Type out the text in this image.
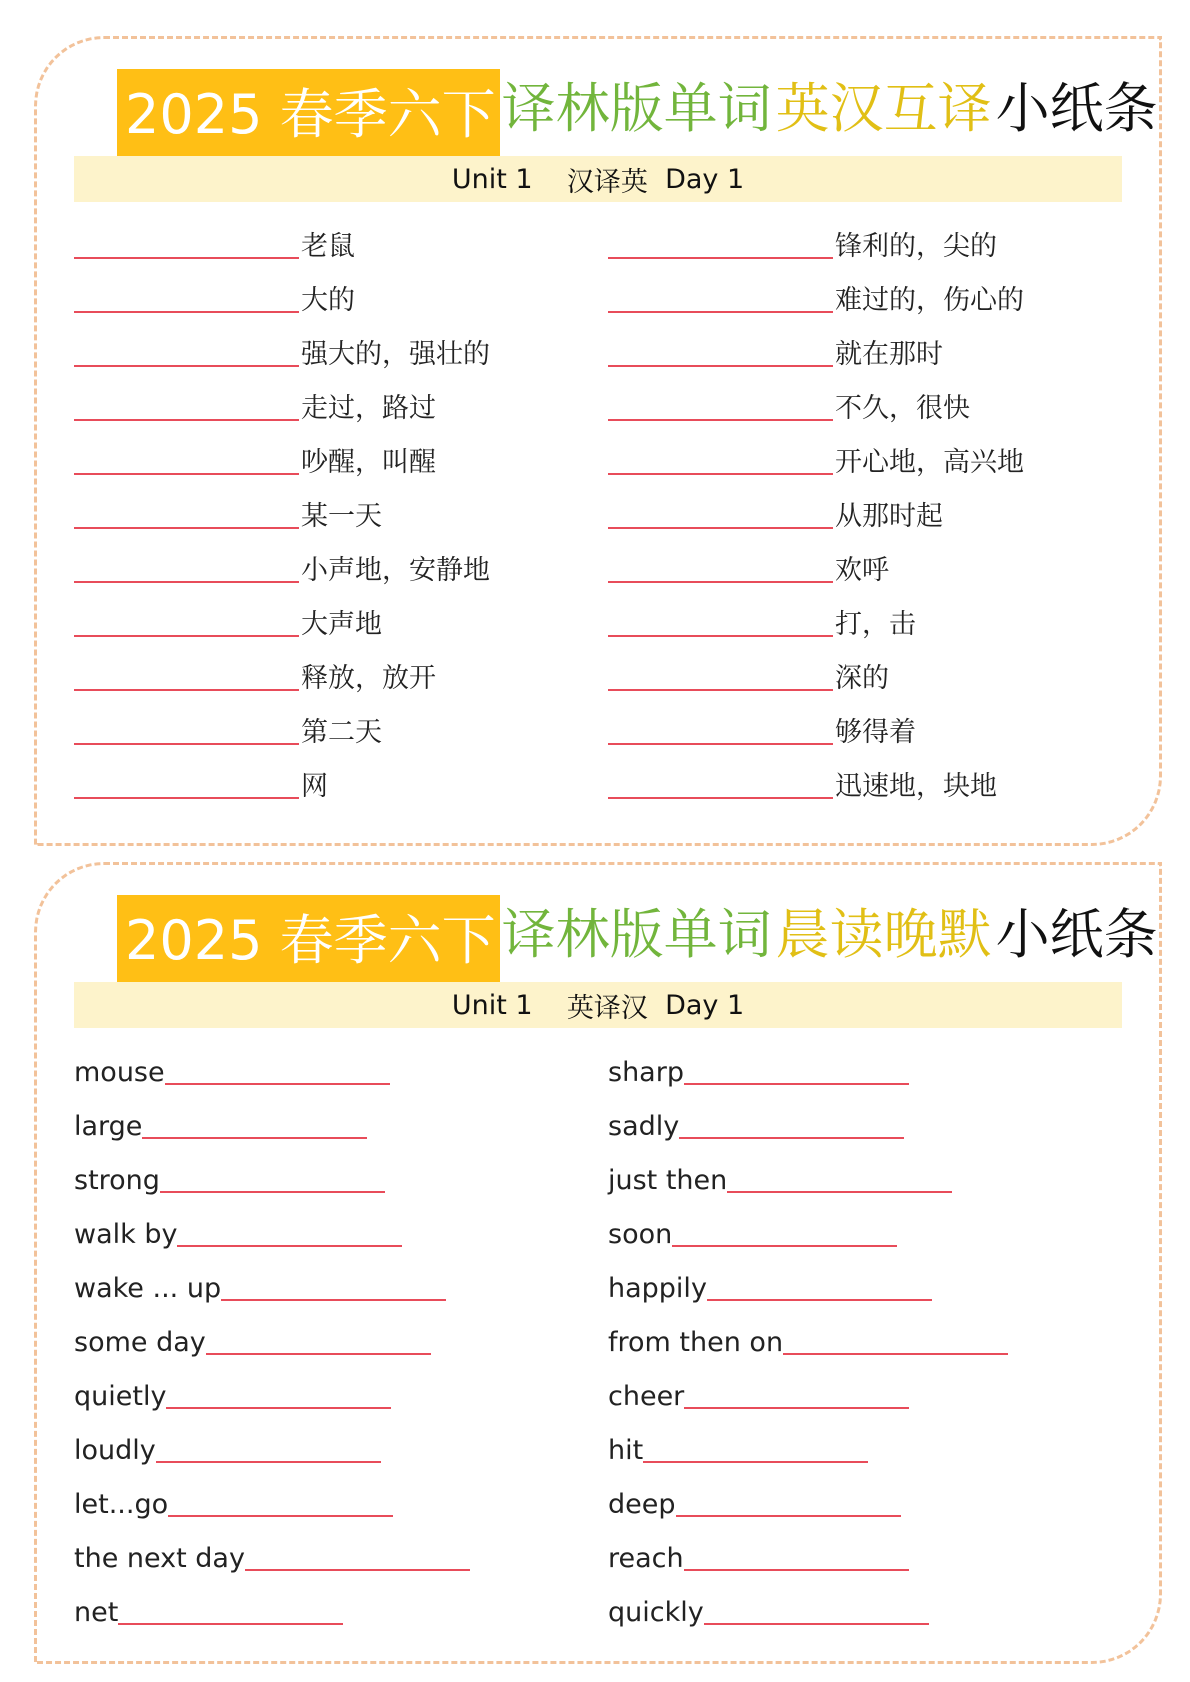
2025 春季六下 译林版单词 英汉互译 小纸条
Unit 1
汉译英
Day 1
老鼠
大的
强大的，强壮的
走过，路过
吵醒，叫醒
某一天
小声地，安静地
大声地
释放，放开
第二天
网
锋利的，尖的
难过的，伤心的
就在那时
不久，很快
开心地，高兴地
从那时起
欢呼
打，击
深的
够得着
迅速地，块地
2025 春季六下 译林版单词 晨读晚默 小纸条
Unit 1
英译汉
Day 1
mouse
large
strong
walk by
wake ... up
some day
quietly
loudly
let...go
the next day
net
sharp
sadly
just then
soon
happily
from then on
cheer
hit
deep
reach
quickly
